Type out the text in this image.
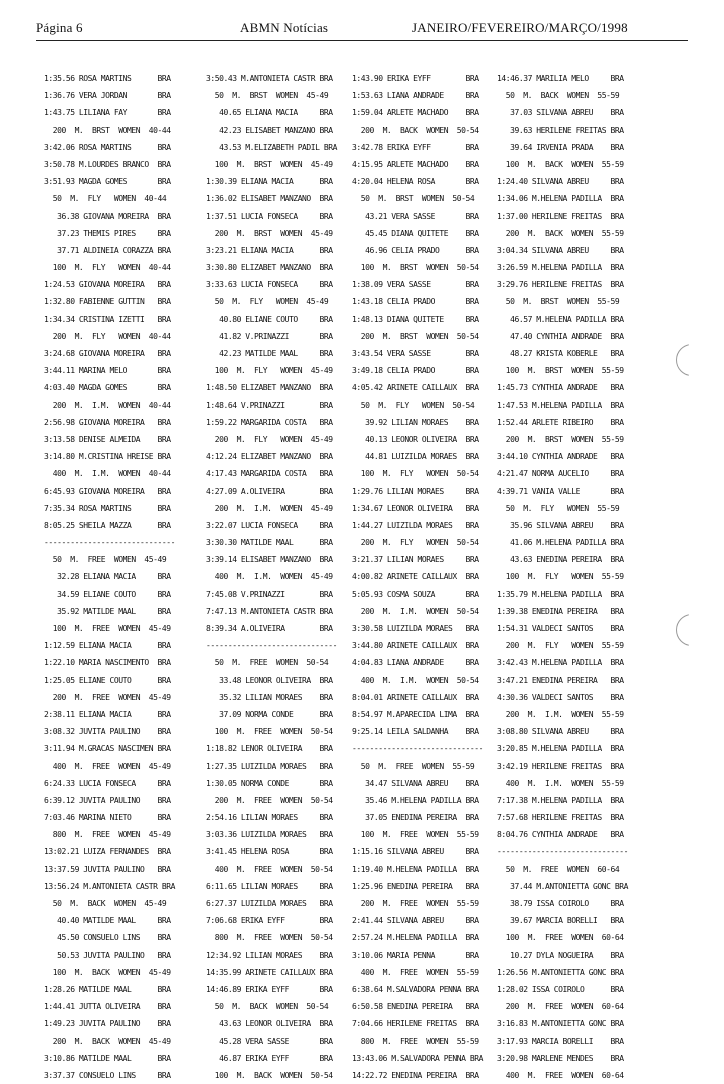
Página 6	ABMN Notícias	JANEIRO/FEVEREIRO/MARÇO/1998
1:35.56 ROSA MARTINS      BRA
1:36.76 VERA JORDAN       BRA
1:43.75 LILIANA FAY       BRA
200  M.  BRST  WOMEN  40-44
3:42.06 ROSA MARTINS      BRA
3:50.78 M.LOURDES BRANCO  BRA
3:51.93 MAGDA GOMES       BRA
50  M.  FLY   WOMEN  40-44
36.38 GIOVANA MOREIRA  BRA
37.23 THEMIS PIRES     BRA
37.71 ALDINEIA CORAZZA BRA
100  M.  FLY   WOMEN  40-44
1:24.53 GIOVANA MOREIRA   BRA
1:32.80 FABIENNE GUTTIN   BRA
1:34.34 CRISTINA IZETTI   BRA
200  M.  FLY   WOMEN  40-44
3:24.68 GIOVANA MOREIRA   BRA
3:44.11 MARINA MELO       BRA
4:03.40 MAGDA GOMES       BRA
200  M.  I.M.  WOMEN  40-44
2:56.98 GIOVANA MOREIRA   BRA
3:13.58 DENISE ALMEIDA    BRA
3:14.80 M.CRISTINA HREISE BRA
400  M.  I.M.  WOMEN  40-44
6:45.93 GIOVANA MOREIRA   BRA
7:35.34 ROSA MARTINS      BRA
8:05.25 SHEILA MAZZA      BRA
------------------------------
50  M.  FREE  WOMEN  45-49
32.28 ELIANA MACIA     BRA
34.59 ELIANE COUTO     BRA
35.92 MATILDE MAAL     BRA
100  M.  FREE  WOMEN  45-49
1:12.59 ELIANA MACIA      BRA
1:22.10 MARIA NASCIMENTO  BRA
1:25.05 ELIANE COUTO      BRA
200  M.  FREE  WOMEN  45-49
2:38.11 ELIANA MACIA      BRA
3:08.32 JUVITA PAULINO    BRA
3:11.94 M.GRACAS NASCIMEN BRA
400  M.  FREE  WOMEN  45-49
6:24.33 LUCIA FONSECA     BRA
6:39.12 JUVITA PAULINO    BRA
7:03.46 MARINA NIETO      BRA
800  M.  FREE  WOMEN  45-49
13:02.21 LUIZA FERNANDES  BRA
13:37.59 JUVITA PAULINO   BRA
13:56.24 M.ANTONIETA CASTR BRA
50  M.  BACK  WOMEN  45-49
40.40 MATILDE MAAL     BRA
45.50 CONSUELO LINS    BRA
50.53 JUVITA PAULINO   BRA
100  M.  BACK  WOMEN  45-49
1:28.26 MATILDE MAAL      BRA
1:44.41 JUTTA OLIVEIRA    BRA
1:49.23 JUVITA PAULINO    BRA
200  M.  BACK  WOMEN  45-49
3:10.86 MATILDE MAAL      BRA
3:37.37 CONSUELO LINS     BRA
3:50.43 M.ANTONIETA CASTR BRA
50  M.  BRST  WOMEN  45-49
40.65 ELIANA MACIA     BRA
42.23 ELISABET MANZANO BRA
43.53 M.ELIZABETH PADIL BRA
100  M.  BRST  WOMEN  45-49
1:30.39 ELIANA MACIA      BRA
1:36.02 ELISABET MANZANO  BRA
1:37.51 LUCIA FONSECA     BRA
200  M.  BRST  WOMEN  45-49
3:23.21 ELIANA MACIA      BRA
3:30.80 ELIZABET MANZANO  BRA
3:33.63 LUCIA FONSECA     BRA
50  M.  FLY   WOMEN  45-49
40.80 ELIANE COUTO     BRA
41.82 V.PRINAZZI       BRA
42.23 MATILDE MAAL     BRA
100  M.  FLY   WOMEN  45-49
1:48.50 ELIZABET MANZANO  BRA
1:48.64 V.PRINAZZI        BRA
1:59.22 MARGARIDA COSTA   BRA
200  M.  FLY   WOMEN  45-49
4:12.24 ELIZABET MANZANO  BRA
4:17.43 MARGARIDA COSTA   BRA
4:27.09 A.OLIVEIRA        BRA
200  M.  I.M.  WOMEN  45-49
3:22.07 LUCIA FONSECA     BRA
3:30.30 MATILDE MAAL      BRA
3:39.14 ELISABET MANZANO  BRA
400  M.  I.M.  WOMEN  45-49
7:45.08 V.PRINAZZI        BRA
7:47.13 M.ANTONIETA CASTR BRA
8:39.34 A.OLIVEIRA        BRA
------------------------------
50  M.  FREE  WOMEN  50-54
33.48 LEONOR OLIVEIRA  BRA
35.32 LILIAN MORAES    BRA
37.09 NORMA CONDE      BRA
100  M.  FREE  WOMEN  50-54
1:18.82 LENOR OLIVEIRA    BRA
1:27.35 LUIZILDA MORAES   BRA
1:30.05 NORMA CONDE       BRA
200  M.  FREE  WOMEN  50-54
2:54.16 LILIAN MORAES     BRA
3:03.36 LUIZILDA MORAES   BRA
3:41.45 HELENA ROSA       BRA
400  M.  FREE  WOMEN  50-54
6:11.65 LILIAN MORAES     BRA
6:27.37 LUIZILDA MORAES   BRA
7:06.68 ERIKA EYFF        BRA
800  M.  FREE  WOMEN  50-54
12:34.92 LILIAN MORAES    BRA
14:35.99 ARINETE CAILLAUX BRA
14:46.89 ERIKA EYFF       BRA
50  M.  BACK  WOMEN  50-54
43.63 LEONOR OLIVEIRA  BRA
45.28 VERA SASSE       BRA
46.87 ERIKA EYFF       BRA
100  M.  BACK  WOMEN  50-54
1:43.90 ERIKA EYFF        BRA
1:53.63 LIANA ANDRADE     BRA
1:59.04 ARLETE MACHADO    BRA
200  M.  BACK  WOMEN  50-54
3:42.78 ERIKA EYFF        BRA
4:15.95 ARLETE MACHADO    BRA
4:20.04 HELENA ROSA       BRA
50  M.  BRST  WOMEN  50-54
43.21 VERA SASSE       BRA
45.45 DIANA QUITETE    BRA
46.96 CELIA PRADO      BRA
100  M.  BRST  WOMEN  50-54
1:38.09 VERA SASSE        BRA
1:43.18 CELIA PRADO       BRA
1:48.13 DIANA QUITETE     BRA
200  M.  BRST  WOMEN  50-54
3:43.54 VERA SASSE        BRA
3:49.18 CELIA PRADO       BRA
4:05.42 ARINETE CAILLAUX  BRA
50  M.  FLY   WOMEN  50-54
39.92 LILIAN MORAES    BRA
40.13 LEONOR OLIVEIRA  BRA
44.81 LUIZILDA MORAES  BRA
100  M.  FLY   WOMEN  50-54
1:29.76 LILIAN MORAES     BRA
1:34.67 LEONOR OLIVEIRA   BRA
1:44.27 LUIZILDA MORAES   BRA
200  M.  FLY   WOMEN  50-54
3:21.37 LILIAN MORAES     BRA
4:00.82 ARINETE CAILLAUX  BRA
5:05.93 COSMA SOUZA       BRA
200  M.  I.M.  WOMEN  50-54
3:30.58 LUIZILDA MORAES   BRA
3:44.80 ARINETE CAILLAUX  BRA
4:04.83 LIANA ANDRADE     BRA
400  M.  I.M.  WOMEN  50-54
8:04.01 ARINETE CAILLAUX  BRA
8:54.97 M.APARECIDA LIMA  BRA
9:25.14 LEILA SALDANHA    BRA
------------------------------
50  M.  FREE  WOMEN  55-59
34.47 SILVANA ABREU    BRA
35.46 M.HELENA PADILLA BRA
37.05 ENEDINA PEREIRA  BRA
100  M.  FREE  WOMEN  55-59
1:15.16 SILVANA ABREU     BRA
1:19.40 M.HELENA PADILLA  BRA
1:25.96 ENEDINA PEREIRA   BRA
200  M.  FREE  WOMEN  55-59
2:41.44 SILVANA ABREU     BRA
2:57.24 M.HELENA PADILLA  BRA
3:10.06 MARIA PENNA       BRA
400  M.  FREE  WOMEN  55-59
6:38.64 M.SALVADORA PENNA BRA
6:50.58 ENEDINA PEREIRA   BRA
7:04.66 HERILENE FREITAS  BRA
800  M.  FREE  WOMEN  55-59
13:43.06 M.SALVADORA PENNA BRA
14:22.72 ENEDINA PEREIRA  BRA
14:46.37 MARILIA MELO     BRA
50  M.  BACK  WOMEN  55-59
37.03 SILVANA ABREU    BRA
39.63 HERILENE FREITAS BRA
39.64 IRVENIA PRADA    BRA
100  M.  BACK  WOMEN  55-59
1:24.40 SILVANA ABREU     BRA
1:34.06 M.HELENA PADILLA  BRA
1:37.00 HERILENE FREITAS  BRA
200  M.  BACK  WOMEN  55-59
3:04.34 SILVANA ABREU     BRA
3:26.59 M.HELENA PADILLA  BRA
3:29.76 HERILENE FREITAS  BRA
50  M.  BRST  WOMEN  55-59
46.57 M.HELENA PADILLA BRA
47.40 CYNTHIA ANDRADE  BRA
48.27 KRISTA KOBERLE   BRA
100  M.  BRST  WOMEN  55-59
1:45.73 CYNTHIA ANDRADE   BRA
1:47.53 M.HELENA PADILLA  BRA
1:52.44 ARLETE RIBEIRO    BRA
200  M.  BRST  WOMEN  55-59
3:44.10 CYNTHIA ANDRADE   BRA
4:21.47 NORMA AUCELIO     BRA
4:39.71 VANIA VALLE       BRA
50  M.  FLY   WOMEN  55-59
35.96 SILVANA ABREU    BRA
41.06 M.HELENA PADILLA BRA
43.63 ENEDINA PEREIRA  BRA
100  M.  FLY   WOMEN  55-59
1:35.79 M.HELENA PADILLA  BRA
1:39.38 ENEDINA PEREIRA   BRA
1:54.31 VALDECI SANTOS    BRA
200  M.  FLY   WOMEN  55-59
3:42.43 M.HELENA PADILLA  BRA
3:47.21 ENEDINA PEREIRA   BRA
4:30.36 VALDECI SANTOS    BRA
200  M.  I.M.  WOMEN  55-59
3:08.80 SILVANA ABREU     BRA
3:20.85 M.HELENA PADILLA  BRA
3:42.19 HERILENE FREITAS  BRA
400  M.  I.M.  WOMEN  55-59
7:17.38 M.HELENA PADILLA  BRA
7:57.68 HERILENE FREITAS  BRA
8:04.76 CYNTHIA ANDRADE   BRA
------------------------------
50  M.  FREE  WOMEN  60-64
37.44 M.ANTONIETTA GONC BRA
38.79 ISSA COIROLO     BRA
39.67 MARCIA BORELLI   BRA
100  M.  FREE  WOMEN  60-64
10.27 DYLA NOGUEIRA    BRA
1:26.56 M.ANTONIETTA GONC BRA
1:28.02 ISSA COIROLO      BRA
200  M.  FREE  WOMEN  60-64
3:16.83 M.ANTONIETTA GONC BRA
3:17.93 MARCIA BORELLI    BRA
3:20.98 MARLENE MENDES    BRA
400  M.  FREE  WOMEN  60-64
